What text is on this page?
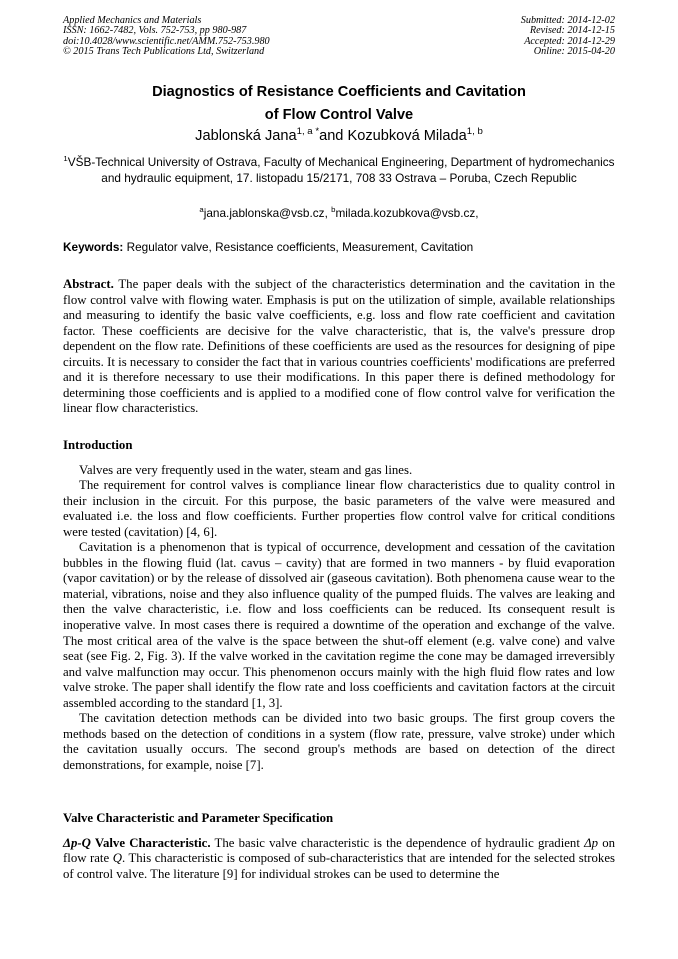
Applied Mechanics and Materials
ISSN: 1662-7482, Vols. 752-753, pp 980-987
doi:10.4028/www.scientific.net/AMM.752-753.980
© 2015 Trans Tech Publications Ltd, Switzerland
Submitted: 2014-12-02
Revised: 2014-12-15
Accepted: 2014-12-29
Online: 2015-04-20
Diagnostics of Resistance Coefficients and Cavitation
of Flow Control Valve
Jablonská Jana$^{1, a *}$and Kozubková Milada$^{1, b}$
$^1$VŠB-Technical University of Ostrava, Faculty of Mechanical Engineering, Department of hydromechanics and hydraulic equipment, 17. listopadu 15/2171, 708 33 Ostrava – Poruba, Czech Republic
$^a$jana.jablonska@vsb.cz, $^b$milada.kozubkova@vsb.cz,
Keywords: Regulator valve, Resistance coefficients, Measurement, Cavitation

Abstract. The paper deals with the subject of the characteristics determination and the cavitation in the flow control valve with flowing water. Emphasis is put on the utilization of simple, available relationships and measuring to identify the basic valve coefficients, e.g. loss and flow rate coefficient and cavitation factor. These coefficients are decisive for the valve characteristic, that is, the valve's pressure drop dependent on the flow rate. Definitions of these coefficients are used as the resources for designing of pipe circuits. It is necessary to consider the fact that in various countries coefficients' modifications are preferred and it is therefore necessary to use their modifications. In this paper there is defined methodology for determining those coefficients and is applied to a modified cone of flow control valve for verification the linear flow characteristics.

Introduction

Valves are very frequently used in the water, steam and gas lines.

The requirement for control valves is compliance linear flow characteristics due to quality control in their inclusion in the circuit. For this purpose, the basic parameters of the valve were measured and evaluated i.e. the loss and flow coefficients. Further properties flow control valve for critical conditions were tested (cavitation) [4, 6].

Cavitation is a phenomenon that is typical of occurrence, development and cessation of the cavitation bubbles in the flowing fluid (lat. cavus – cavity) that are formed in two manners - by fluid evaporation (vapor cavitation) or by the release of dissolved air (gaseous cavitation). Both phenomena cause wear to the material, vibrations, noise and they also influence quality of the pumped fluids. The valves are leaking and then the valve characteristic, i.e. flow and loss coefficients can be reduced. Its consequent result is inoperative valve. In most cases there is required a downtime of the operation and exchange of the valve. The most critical area of the valve is the space between the shut-off element (e.g. valve cone) and valve seat (see Fig. 2, Fig. 3). If the valve worked in the cavitation regime the cone may be damaged irreversibly and valve malfunction may occur. This phenomenon occurs mainly with the high fluid flow rates and low valve stroke. The paper shall identify the flow rate and loss coefficients and cavitation factors at the circuit assembled according to the standard [1, 3].

The cavitation detection methods can be divided into two basic groups. The first group covers the methods based on the detection of conditions in a system (flow rate, pressure, valve stroke) under which the cavitation usually occurs. The second group's methods are based on detection of the direct demonstrations, for example, noise [7].

Valve Characteristic and Parameter Specification

Δp-Q Valve Characteristic. The basic valve characteristic is the dependence of hydraulic gradient Δp on flow rate Q. This characteristic is composed of sub-characteristics that are intended for the selected strokes of control valve. The literature [9] for individual strokes can be used to determine the
